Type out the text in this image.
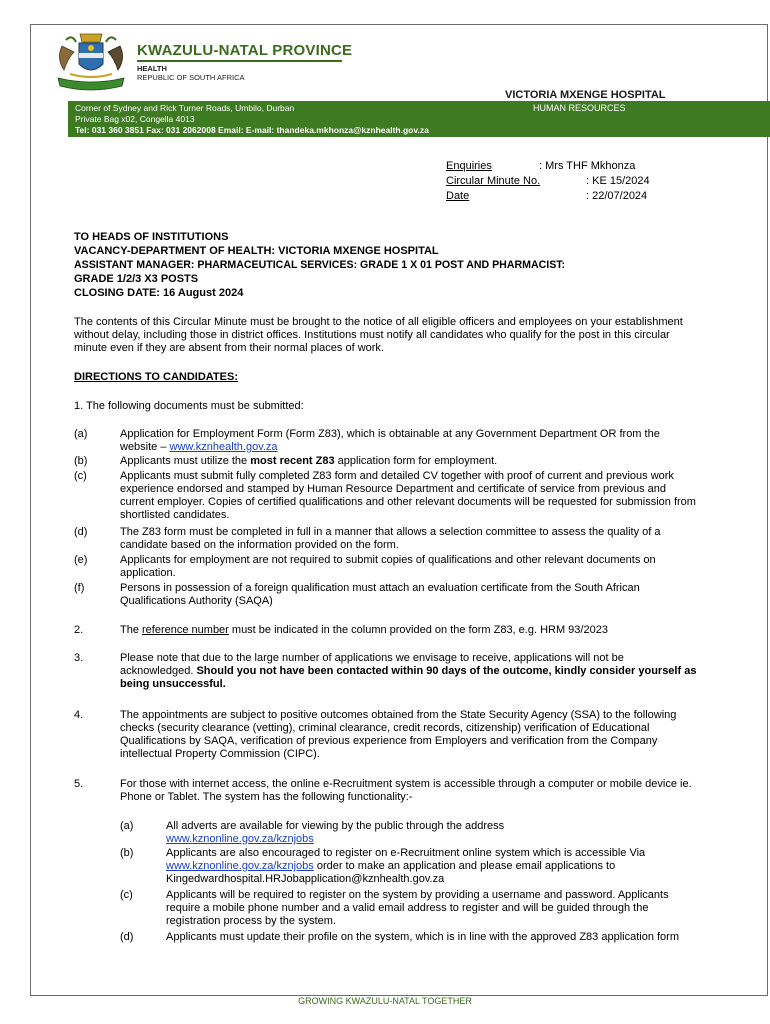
KWAZULU-NATAL PROVINCE
HEALTH
REPUBLIC OF SOUTH AFRICA
VICTORIA MXENGE HOSPITAL
Corner of Sydney and Rick Turner Roads, Umbilo, Durban
Private Bag x02, Congella 4013
Tel: 031 360 3851 Fax: 031 2062008 Email: E-mail: thandeka.mkhonza@kznhealth.gov.za
HUMAN RESOURCES
Enquiries	: Mrs THF Mkhonza
Circular Minute No.	: KE 15/2024
Date	: 22/07/2024
TO HEADS OF INSTITUTIONS
VACANCY-DEPARTMENT OF HEALTH: VICTORIA MXENGE HOSPITAL
ASSISTANT MANAGER: PHARMACEUTICAL SERVICES: GRADE 1 X 01 POST AND PHARMACIST:
GRADE 1/2/3 X3 POSTS
CLOSING DATE: 16 August 2024
The contents of this Circular Minute must be brought to the notice of all eligible officers and employees on your establishment without delay, including those in district offices. Institutions must notify all candidates who qualify for the post in this circular minute even if they are absent from their normal places of work.
DIRECTIONS TO CANDIDATES:
1. The following documents must be submitted:
(a)	Application for Employment Form (Form Z83), which is obtainable at any Government Department OR from the website – www.kznhealth.gov.za
(b)	Applicants must utilize the most recent Z83 application form for employment.
(c)	Applicants must submit fully completed Z83 form and detailed CV together with proof of current and previous work experience endorsed and stamped by Human Resource Department and certificate of service from previous and current employer. Copies of certified qualifications and other relevant documents will be requested for submission from shortlisted candidates.
(d)	The Z83 form must be completed in full in a manner that allows a selection committee to assess the quality of a candidate based on the information provided on the form.
(e)	Applicants for employment are not required to submit copies of qualifications and other relevant documents on application.
(f)	Persons in possession of a foreign qualification must attach an evaluation certificate from the South African Qualifications Authority (SAQA)
2.	The reference number must be indicated in the column provided on the form Z83, e.g. HRM 93/2023
3.	Please note that due to the large number of applications we envisage to receive, applications will not be acknowledged. Should you not have been contacted within 90 days of the outcome, kindly consider yourself as being unsuccessful.
4.	The appointments are subject to positive outcomes obtained from the State Security Agency (SSA) to the following checks (security clearance (vetting), criminal clearance, credit records, citizenship) verification of Educational Qualifications by SAQA, verification of previous experience from Employers and verification from the Company intellectual Property Commission (CIPC).
5.	For those with internet access, the online e-Recruitment system is accessible through a computer or mobile device ie. Phone or Tablet. The system has the following functionality:-
(a)	All adverts are available for viewing by the public through the address
www.kznonline.gov.za/kznjobs
(b)	Applicants are also encouraged to register on e-Recruitment online system which is accessible Via www.kznonline.gov.za/kznjobs order to make an application and please email applications to Kingedwardhospital.HRJobapplication@kznhealth.gov.za
(c)	Applicants will be required to register on the system by providing a username and password. Applicants require a mobile phone number and a valid email address to register and will be guided through the registration process by the system.
(d)	Applicants must update their profile on the system, which is in line with the approved Z83 application form
GROWING KWAZULU-NATAL TOGETHER
